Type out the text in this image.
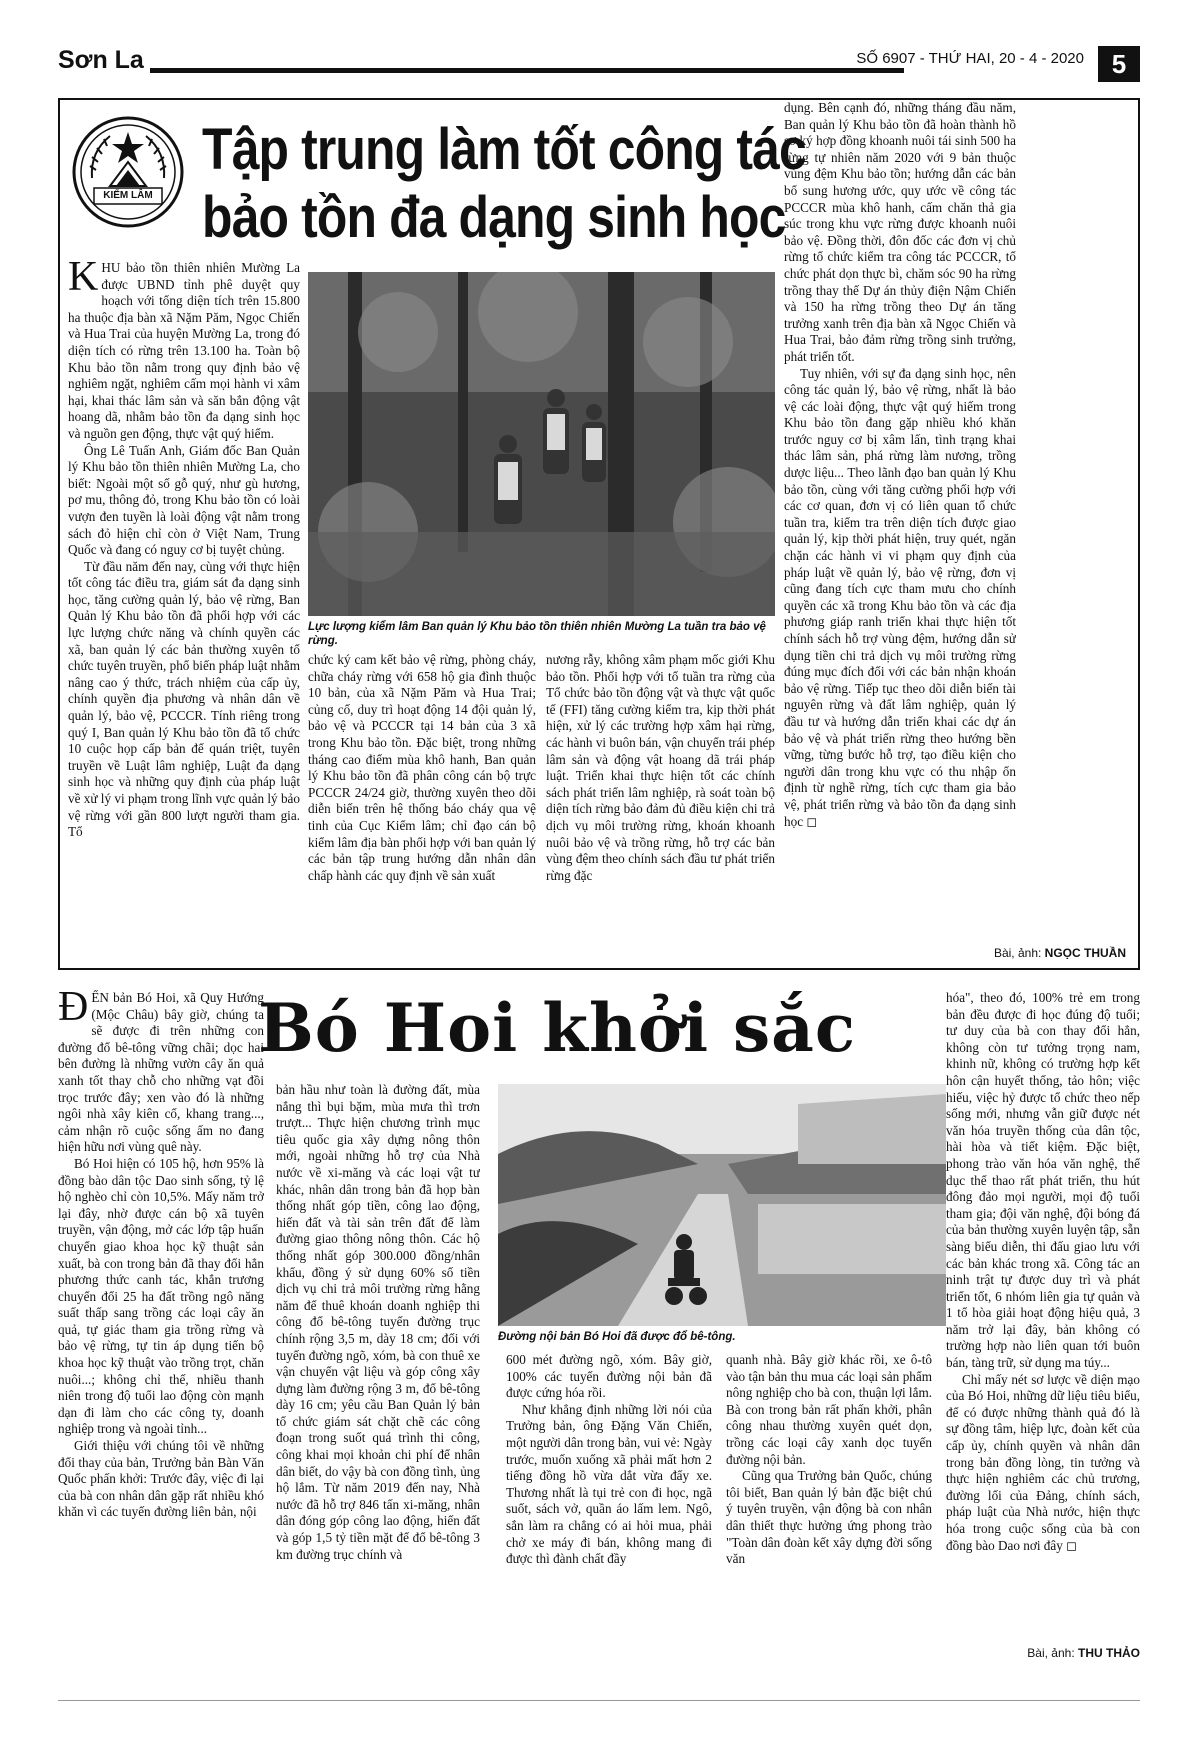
Sơn La	SỐ 6907 - THỨ HAI, 20 - 4 - 2020	5
KIỂM LÂM
Tập trung làm tốt công tác
bảo tồn đa dạng sinh học

KHU bảo tồn thiên nhiên Mường La được UBND tỉnh phê duyệt quy hoạch với tổng diện tích trên 15.800 ha thuộc địa bàn xã Nặm Păm, Ngọc Chiến và Hua Trai của huyện Mường La, trong đó diện tích có rừng trên 13.100 ha. Toàn bộ Khu bảo tồn nằm trong quy định bảo vệ nghiêm ngặt, nghiêm cấm mọi hành vi xâm hại, khai thác lâm sản và săn bắn động vật hoang dã, nhằm bảo tồn đa dạng sinh học và nguồn gen động, thực vật quý hiếm.

Ông Lê Tuấn Anh, Giám đốc Ban Quản lý Khu bảo tồn thiên nhiên Mường La, cho biết: Ngoài một số gỗ quý, như gù hương, pơ mu, thông đỏ, trong Khu bảo tồn có loài vượn đen tuyền là loài động vật nằm trong sách đỏ hiện chỉ còn ở Việt Nam, Trung Quốc và đang có nguy cơ bị tuyệt chủng.

Từ đầu năm đến nay, cùng với thực hiện tốt công tác điều tra, giám sát đa dạng sinh học, tăng cường quản lý, bảo vệ rừng, Ban Quản lý Khu bảo tồn đã phối hợp với các lực lượng chức năng và chính quyền các xã, ban quản lý các bản thường xuyên tổ chức tuyên truyền, phổ biến pháp luật nhằm nâng cao ý thức, trách nhiệm của cấp ủy, chính quyền địa phương và nhân dân về quản lý, bảo vệ, PCCCR. Tính riêng trong quý I, Ban quản lý Khu bảo tồn đã tổ chức 10 cuộc họp cấp bản để quán triệt, tuyên truyền về Luật lâm nghiệp, Luật đa dạng sinh học và những quy định của pháp luật về xử lý vi phạm trong lĩnh vực quản lý bảo vệ rừng với gần 800 lượt người tham gia. Tổ

Lực lượng kiểm lâm Ban quản lý Khu bảo tồn thiên nhiên Mường La tuần tra bảo vệ rừng.

chức ký cam kết bảo vệ rừng, phòng cháy, chữa cháy rừng với 658 hộ gia đình thuộc 10 bản, của xã Nặm Păm và Hua Trai; củng cố, duy trì hoạt động 14 đội quản lý, bảo vệ và PCCCR tại 14 bản của 3 xã trong Khu bảo tồn. Đặc biệt, trong những tháng cao điểm mùa khô hanh, Ban quản lý Khu bảo tồn đã phân công cán bộ trực PCCCR 24/24 giờ, thường xuyên theo dõi diễn biến trên hệ thống báo cháy qua vệ tinh của Cục Kiểm lâm; chỉ đạo cán bộ kiểm lâm địa bàn phối hợp với ban quản lý các bản tập trung hướng dẫn nhân dân chấp hành các quy định về sản xuất

nương rẫy, không xâm phạm mốc giới Khu bảo tồn. Phối hợp với tổ tuần tra rừng của Tổ chức bảo tồn động vật và thực vật quốc tế (FFI) tăng cường kiểm tra, kịp thời phát hiện, xử lý các trường hợp xâm hại rừng, các hành vi buôn bán, vận chuyển trái phép lâm sản và động vật hoang dã trái pháp luật. Triển khai thực hiện tốt các chính sách phát triển lâm nghiệp, rà soát toàn bộ diện tích rừng bảo đảm đủ điều kiện chi trả dịch vụ môi trường rừng, khoán khoanh nuôi bảo vệ và trồng rừng, hỗ trợ các bản vùng đệm theo chính sách đầu tư phát triển rừng đặc

dụng. Bên cạnh đó, những tháng đầu năm, Ban quản lý Khu bảo tồn đã hoàn thành hồ sơ ký hợp đồng khoanh nuôi tái sinh 500 ha rừng tự nhiên năm 2020 với 9 bản thuộc vùng đệm Khu bảo tồn; hướng dẫn các bản bổ sung hương ước, quy ước về công tác PCCCR mùa khô hanh, cấm chăn thả gia súc trong khu vực rừng được khoanh nuôi bảo vệ. Đồng thời, đôn đốc các đơn vị chủ rừng tổ chức kiểm tra công tác PCCCR, tổ chức phát dọn thực bì, chăm sóc 90 ha rừng trồng thay thế Dự án thủy điện Nậm Chiến và 150 ha rừng trồng theo Dự án tăng trưởng xanh trên địa bàn xã Ngọc Chiến và Hua Trai, bảo đảm rừng trồng sinh trưởng, phát triển tốt.

Tuy nhiên, với sự đa dạng sinh học, nên công tác quản lý, bảo vệ rừng, nhất là bảo vệ các loài động, thực vật quý hiếm trong Khu bảo tồn đang gặp nhiều khó khăn trước nguy cơ bị xâm lấn, tình trạng khai thác lâm sản, phá rừng làm nương, trồng dược liệu... Theo lãnh đạo ban quản lý Khu bảo tồn, cùng với tăng cường phối hợp với các cơ quan, đơn vị có liên quan tổ chức tuần tra, kiểm tra trên diện tích được giao quản lý, kịp thời phát hiện, truy quét, ngăn chặn các hành vi vi phạm quy định của pháp luật về quản lý, bảo vệ rừng, đơn vị cũng đang tích cực tham mưu cho chính quyền các xã trong Khu bảo tồn và các địa phương giáp ranh triển khai thực hiện tốt chính sách hỗ trợ vùng đệm, hướng dẫn sử dụng tiền chi trả dịch vụ môi trường rừng đúng mục đích đối với các bản nhận khoán bảo vệ rừng. Tiếp tục theo dõi diễn biến tài nguyên rừng và đất lâm nghiệp, quản lý đầu tư và hướng dẫn triển khai các dự án bảo vệ và phát triển rừng theo hướng bền vững, từng bước hỗ trợ, tạo điều kiện cho người dân trong khu vực có thu nhập ổn định từ nghề rừng, tích cực tham gia bảo vệ, phát triển rừng và bảo tồn đa dạng sinh học ◻

Bài, ảnh: NGỌC THUẦN
Bó Hoi khởi sắc

ĐẾN bản Bó Hoi, xã Quy Hướng (Mộc Châu) bây giờ, chúng ta sẽ được đi trên những con đường đổ bê-tông vững chãi; dọc hai bên đường là những vườn cây ăn quả xanh tốt thay chỗ cho những vạt đồi trọc trước đây; xen vào đó là những ngôi nhà xây kiên cố, khang trang..., cảm nhận rõ cuộc sống ấm no đang hiện hữu nơi vùng quê này.

Bó Hoi hiện có 105 hộ, hơn 95% là đồng bào dân tộc Dao sinh sống, tỷ lệ hộ nghèo chỉ còn 10,5%. Mấy năm trở lại đây, nhờ được cán bộ xã tuyên truyền, vận động, mở các lớp tập huấn chuyển giao khoa học kỹ thuật sản xuất, bà con trong bản đã thay đổi hẳn phương thức canh tác, khắn trương chuyển đổi 25 ha đất trồng ngô năng suất thấp sang trồng các loại cây ăn quả, tự giác tham gia trồng rừng và bảo vệ rừng, tự tin áp dụng tiến bộ khoa học kỹ thuật vào trồng trọt, chăn nuôi...; không chỉ thế, nhiều thanh niên trong độ tuổi lao động còn mạnh dạn đi làm cho các công ty, doanh nghiệp trong và ngoài tỉnh...

Giới thiệu với chúng tôi về những đổi thay của bản, Trưởng bản Bàn Văn Quốc phấn khởi: Trước đây, việc đi lại của bà con nhân dân gặp rất nhiều khó khăn vì các tuyến đường liên bản, nội

bản hầu như toàn là đường đất, mùa nắng thì bụi bặm, mùa mưa thì trơn trượt... Thực hiện chương trình mục tiêu quốc gia xây dựng nông thôn mới, ngoài những hỗ trợ của Nhà nước về xi-măng và các loại vật tư khác, nhân dân trong bản đã họp bàn thống nhất góp tiền, công lao động, hiến đất và tài sản trên đất để làm đường giao thông nông thôn. Các hộ thống nhất góp 300.000 đồng/nhân khẩu, đồng ý sử dụng 60% số tiền dịch vụ chi trả môi trường rừng hằng năm để thuê khoán doanh nghiệp thi công đổ bê-tông tuyến đường trục chính rộng 3,5 m, dày 18 cm; đối với tuyến đường ngõ, xóm, bà con thuê xe vận chuyển vật liệu và góp công xây dựng làm đường rộng 3 m, đổ bê-tông dày 16 cm; yêu cầu Ban Quản lý bản tổ chức giám sát chặt chẽ các công đoạn trong suốt quá trình thi công, công khai mọi khoản chi phí để nhân dân biết, do vậy bà con đồng tình, ủng hộ lắm. Từ năm 2019 đến nay, Nhà nước đã hỗ trợ 846 tấn xi-măng, nhân dân đóng góp công lao động, hiến đất và góp 1,5 tỷ tiền mặt để đổ bê-tông 3 km đường trục chính và

Đường nội bản Bó Hoi đã được đổ bê-tông.

600 mét đường ngõ, xóm. Bây giờ, 100% các tuyến đường nội bản đã được cứng hóa rồi.

Như khẳng định những lời nói của Trưởng bản, ông Đặng Văn Chiến, một người dân trong bản, vui vẻ: Ngày trước, muốn xuống xã phải mất hơn 2 tiếng đồng hồ vừa dắt vừa đẩy xe. Thương nhất là tụi trẻ con đi học, ngã suốt, sách vở, quần áo lấm lem. Ngô, sắn làm ra chẳng có ai hỏi mua, phải chở xe máy đi bán, không mang đi được thì đành chất đầy

quanh nhà. Bây giờ khác rồi, xe ô-tô vào tận bản thu mua các loại sản phẩm nông nghiệp cho bà con, thuận lợi lắm. Bà con trong bản rất phấn khởi, phân công nhau thường xuyên quét dọn, trồng các loại cây xanh dọc tuyến đường nội bản.

Cũng qua Trưởng bản Quốc, chúng tôi biết, Ban quản lý bản đặc biệt chú ý tuyên truyền, vận động bà con nhân dân thiết thực hưởng ứng phong trào "Toàn dân đoàn kết xây dựng đời sống văn

hóa", theo đó, 100% trẻ em trong bản đều được đi học đúng độ tuổi; tư duy của bà con thay đổi hẳn, không còn tư tưởng trọng nam, khinh nữ, không có trường hợp kết hôn cận huyết thống, tảo hôn; việc hiếu, việc hỷ được tổ chức theo nếp sống mới, nhưng vẫn giữ được nét văn hóa truyền thống của dân tộc, hài hòa và tiết kiệm. Đặc biệt, phong trào văn hóa văn nghệ, thể dục thể thao rất phát triển, thu hút đông đảo mọi người, mọi độ tuổi tham gia; đội văn nghệ, đội bóng đá của bản thường xuyên luyện tập, sẵn sàng biểu diễn, thi đấu giao lưu với các bản khác trong xã. Công tác an ninh trật tự được duy trì và phát triển tốt, 6 nhóm liên gia tự quản và 1 tổ hòa giải hoạt động hiệu quả, 3 năm trở lại đây, bản không có trường hợp nào liên quan tới buôn bán, tàng trữ, sử dụng ma túy...

Chỉ mấy nét sơ lược về diện mạo của Bó Hoi, những dữ liệu tiêu biểu, để có được những thành quả đó là sự đồng tâm, hiệp lực, đoàn kết của cấp ủy, chính quyền và nhân dân trong bản đồng lòng, tin tưởng và thực hiện nghiêm các chủ trương, đường lối của Đảng, chính sách, pháp luật của Nhà nước, hiện thực hóa trong cuộc sống của bà con đồng bào Dao nơi đây ◻

Bài, ảnh: THU THẢO
